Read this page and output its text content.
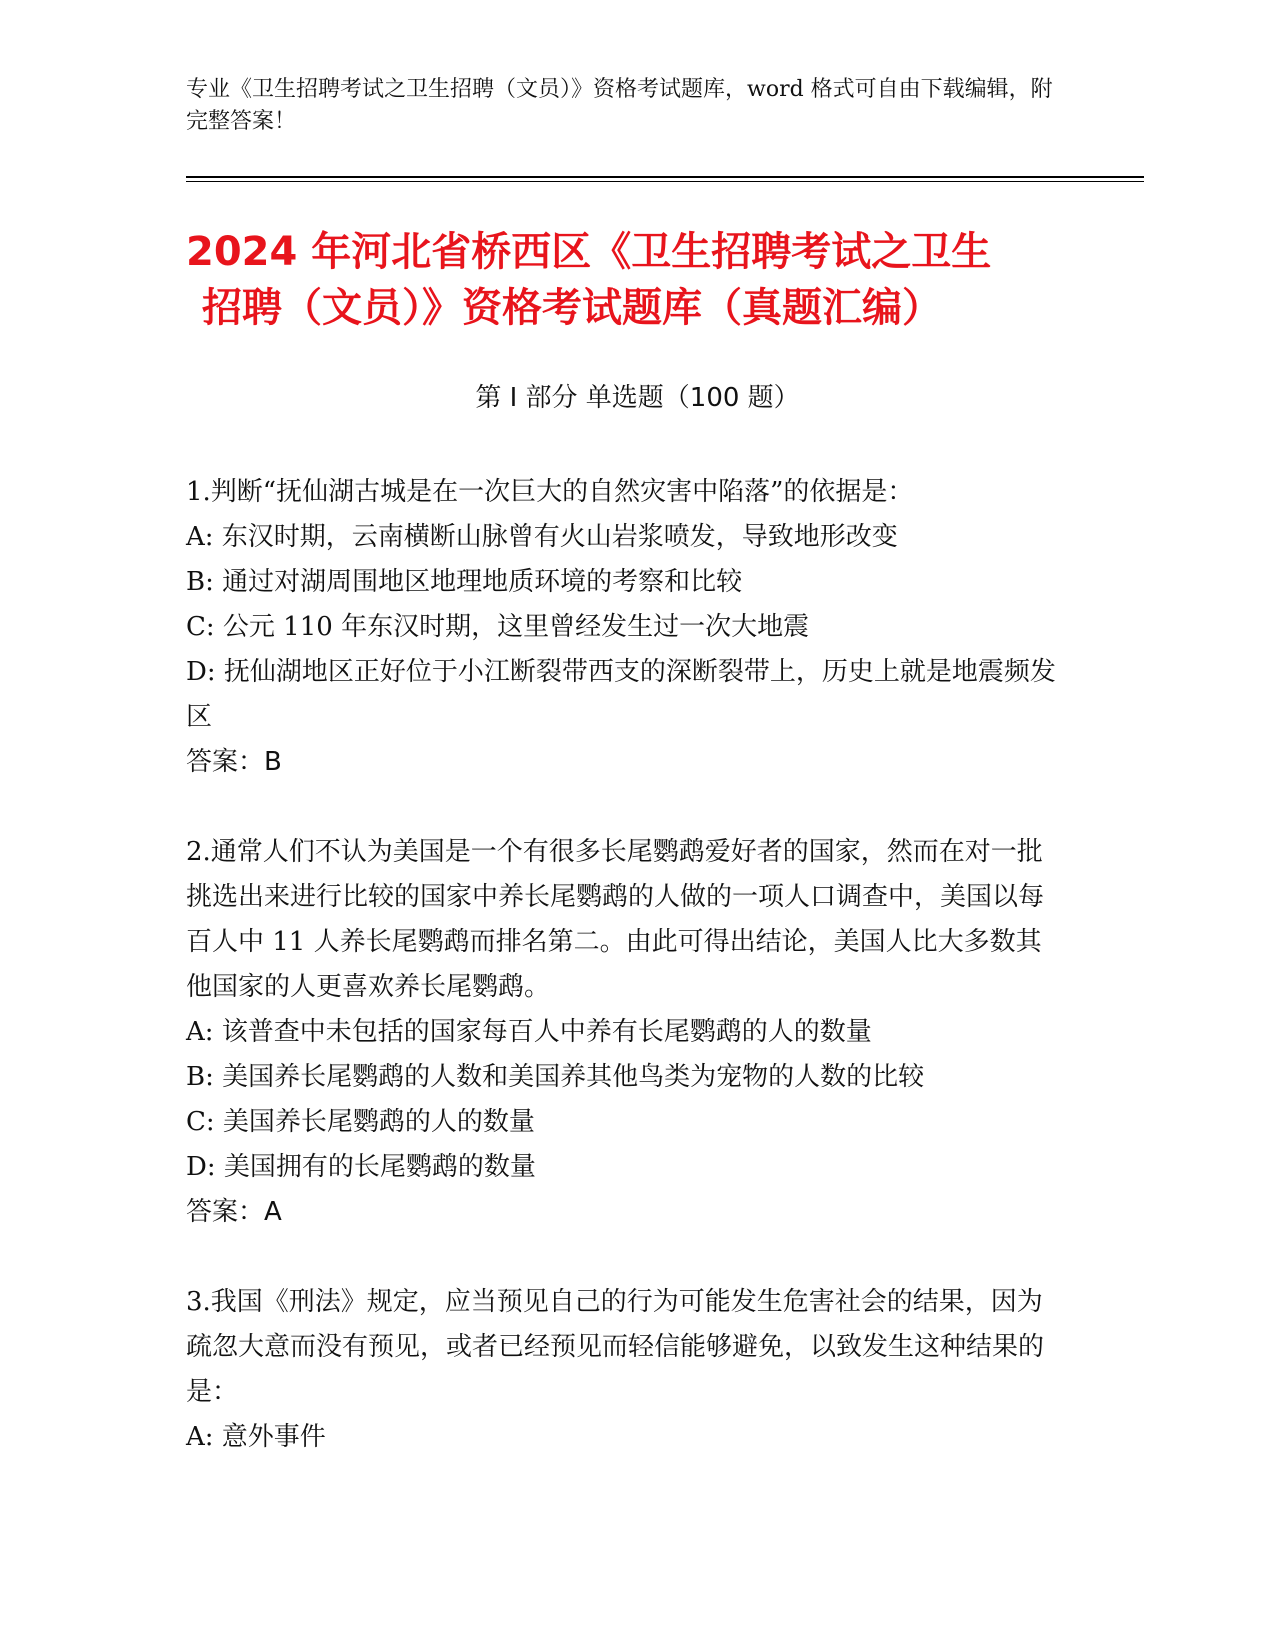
专业《卫生招聘考试之卫生招聘（文员）》资格考试题库，word 格式可自由下载编辑，附完整答案！
2024 年河北省桥西区《卫生招聘考试之卫生
招聘（文员）》资格考试题库（真题汇编）
第 I 部分 单选题（100 题）

1.判断“抚仙湖古城是在一次巨大的自然灾害中陷落”的依据是：

A: 东汉时期，云南横断山脉曾有火山岩浆喷发，导致地形改变

B: 通过对湖周围地区地理地质环境的考察和比较

C: 公元 110 年东汉时期，这里曾经发生过一次大地震

D: 抚仙湖地区正好位于小江断裂带西支的深断裂带上，历史上就是地震频发区

答案：B

2.通常人们不认为美国是一个有很多长尾鹦鹉爱好者的国家，然而在对一批挑选出来进行比较的国家中养长尾鹦鹉的人做的一项人口调查中，美国以每百人中 11 人养长尾鹦鹉而排名第二。由此可得出结论，美国人比大多数其他国家的人更喜欢养长尾鹦鹉。

A: 该普查中未包括的国家每百人中养有长尾鹦鹉的人的数量

B: 美国养长尾鹦鹉的人数和美国养其他鸟类为宠物的人数的比较

C: 美国养长尾鹦鹉的人的数量

D: 美国拥有的长尾鹦鹉的数量

答案：A

3.我国《刑法》规定，应当预见自己的行为可能发生危害社会的结果，因为疏忽大意而没有预见，或者已经预见而轻信能够避免，以致发生这种结果的是：

A: 意外事件
